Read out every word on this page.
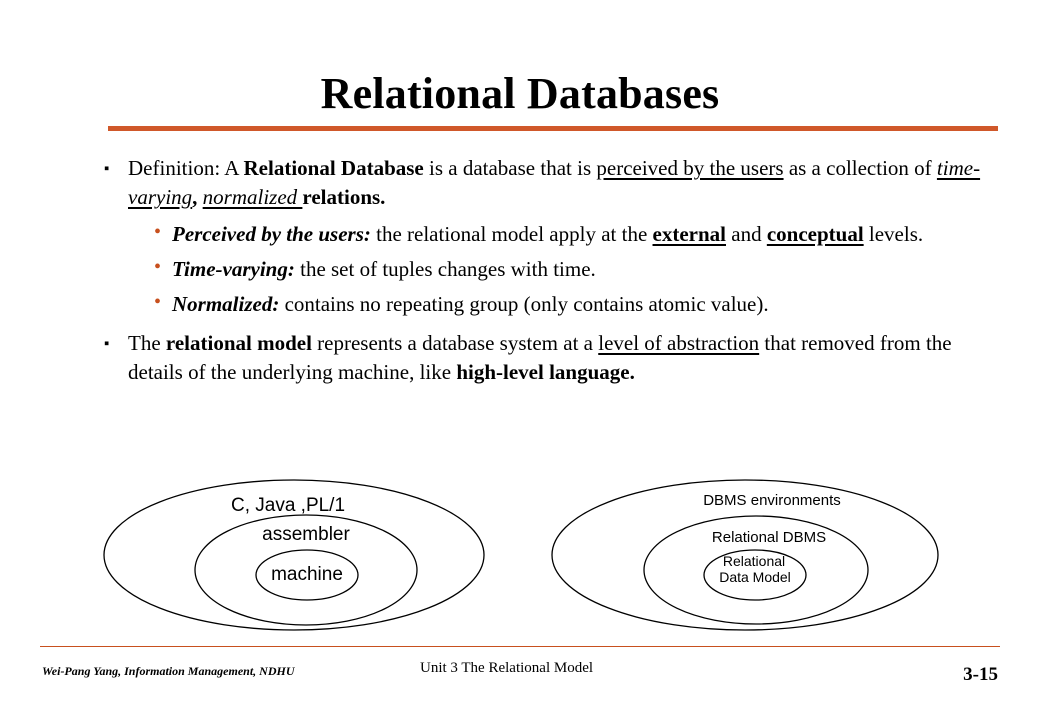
Relational Databases
▪ Definition: A Relational Database is a database that is perceived by the users as a collection of time-varying, normalized relations.
• Perceived by the users: the relational model apply at the external and conceptual levels.
• Time-varying: the set of tuples changes with time.
• Normalized: contains no repeating group (only contains atomic value).
▪ The relational model represents a database system at a level of abstraction that removed from the details of the underlying machine, like high-level language.
C, Java ,PL/1
assembler
machine
DBMS environments
Relational DBMS
Relational
Data Model
Wei-Pang Yang, Information Management, NDHU	Unit 3 The Relational Model	3-15
